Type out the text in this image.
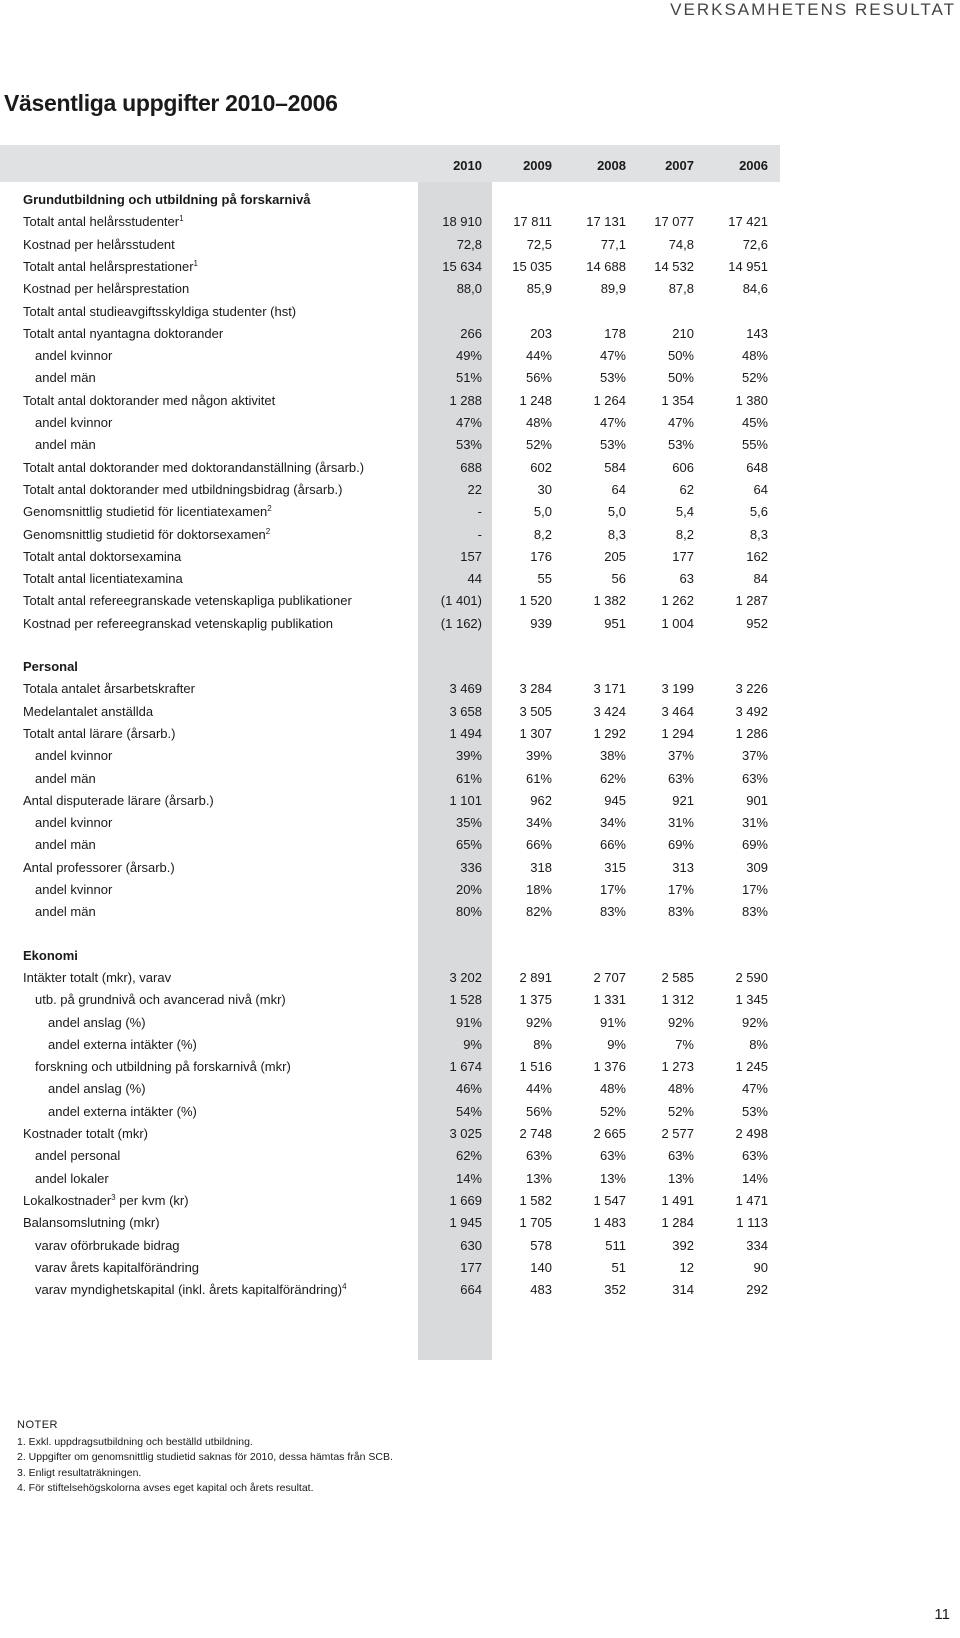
VERKSAMHETENS RESULTAT
Väsentliga uppgifter 2010–2006
2010	2009	2008	2007	2006
Grundutbildning och utbildning på forskarnivå
Totalt antal helårsstudenter$^1$	18 910	17 811	17 131	17 077	17 421
Kostnad per helårsstudent	72,8	72,5	77,1	74,8	72,6
Totalt antal helårsprestationer$^1$	15 634	15 035	14 688	14 532	14 951
Kostnad per helårsprestation	88,0	85,9	89,9	87,8	84,6
Totalt antal studieavgiftsskyldiga studenter (hst)
Totalt antal nyantagna doktorander	266	203	178	210	143
andel kvinnor	49%	44%	47%	50%	48%
andel män	51%	56%	53%	50%	52%
Totalt antal doktorander med någon aktivitet	1 288	1 248	1 264	1 354	1 380
andel kvinnor	47%	48%	47%	47%	45%
andel män	53%	52%	53%	53%	55%
Totalt antal doktorander med doktorandanställning (årsarb.)	688	602	584	606	648
Totalt antal doktorander med utbildningsbidrag (årsarb.)	22	30	64	62	64
Genomsnittlig studietid för licentiatexamen$^2$	-	5,0	5,0	5,4	5,6
Genomsnittlig studietid för doktorsexamen$^2$	-	8,2	8,3	8,2	8,3
Totalt antal doktorsexamina	157	176	205	177	162
Totalt antal licentiatexamina	44	55	56	63	84
Totalt antal refereegranskade vetenskapliga publikationer	(1 401)	1 520	1 382	1 262	1 287
Kostnad per refereegranskad vetenskaplig publikation	(1 162)	939	951	1 004	952
Personal
Totala antalet årsarbetskrafter	3 469	3 284	3 171	3 199	3 226
Medelantalet anställda	3 658	3 505	3 424	3 464	3 492
Totalt antal lärare (årsarb.)	1 494	1 307	1 292	1 294	1 286
andel kvinnor	39%	39%	38%	37%	37%
andel män	61%	61%	62%	63%	63%
Antal disputerade lärare (årsarb.)	1 101	962	945	921	901
andel kvinnor	35%	34%	34%	31%	31%
andel män	65%	66%	66%	69%	69%
Antal professorer (årsarb.)	336	318	315	313	309
andel kvinnor	20%	18%	17%	17%	17%
andel män	80%	82%	83%	83%	83%
Ekonomi
Intäkter totalt (mkr), varav	3 202	2 891	2 707	2 585	2 590
utb. på grundnivå och avancerad nivå (mkr)	1 528	1 375	1 331	1 312	1 345
andel anslag (%)	91%	92%	91%	92%	92%
andel externa intäkter (%)	9%	8%	9%	7%	8%
forskning och utbildning på forskarnivå (mkr)	1 674	1 516	1 376	1 273	1 245
andel anslag (%)	46%	44%	48%	48%	47%
andel externa intäkter (%)	54%	56%	52%	52%	53%
Kostnader totalt (mkr)	3 025	2 748	2 665	2 577	2 498
andel personal	62%	63%	63%	63%	63%
andel lokaler	14%	13%	13%	13%	14%
Lokalkostnader$^3$ per kvm (kr)	1 669	1 582	1 547	1 491	1 471
Balansomslutning (mkr)	1 945	1 705	1 483	1 284	1 113
varav oförbrukade bidrag	630	578	511	392	334
varav årets kapitalförändring	177	140	51	12	90
varav myndighetskapital (inkl. årets kapitalförändring)$^4$	664	483	352	314	292
NOTER
1. Exkl. uppdragsutbildning och beställd utbildning.
2. Uppgifter om genomsnittlig studietid saknas för 2010, dessa hämtas från SCB.
3. Enligt resultaträkningen.
4. För stiftelsehögskolorna avses eget kapital och årets resultat.
11
